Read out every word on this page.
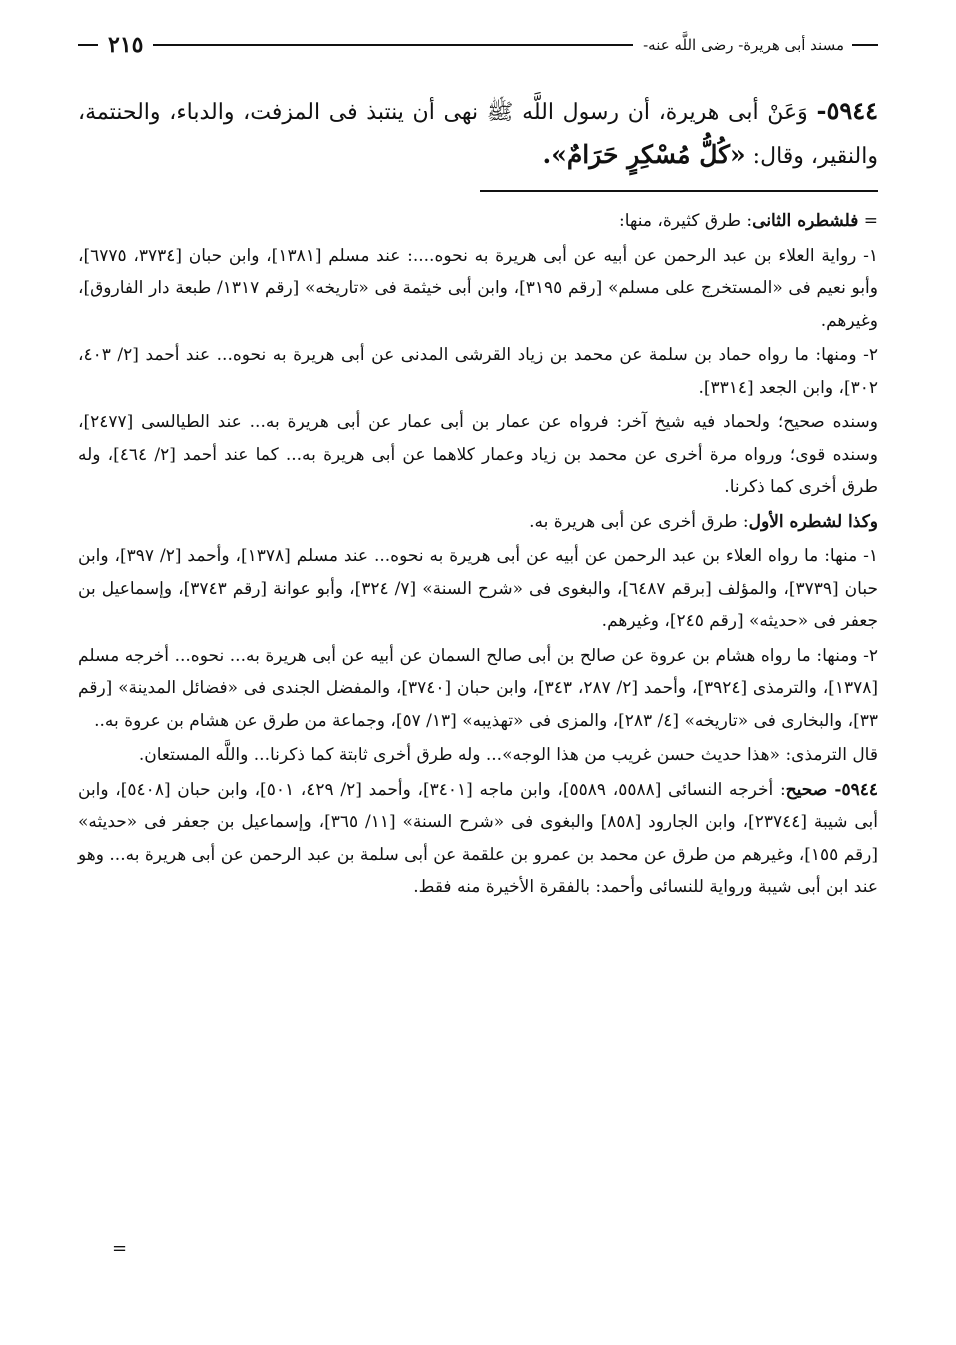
مسند أبى هريرة- رضى اللَّه عنه-
٢١٥
٥٩٤٤- وَعَنْ أبى هريرة، أن رسول اللَّه ﷺ نهى أن ينتبذ فى المزفت، والدباء، والحنتمة، والنقير، وقال: «كُلُّ مُسْكِرٍ حَرَامٌ».

= فلشطره الثانى: طرق كثيرة، منها:

١- رواية العلاء بن عبد الرحمن عن أبيه عن أبى هريرة به نحوه....: عند مسلم [١٣٨١]، وابن حبان [٣٧٣٤، ٦٧٧٥]، وأبو نعيم فى «المستخرج على مسلم» [رقم ٣١٩٥]، وابن أبى خيثمة فى «تاريخه» [رقم ١٣١٧/ طبعة دار الفاروق]، وغيرهم.

٢- ومنها: ما رواه حماد بن سلمة عن محمد بن زياد القرشى المدنى عن أبى هريرة به نحوه... عند أحمد [٢/ ٤٠٣، ٣٠٢]، وابن الجعد [٣٣١٤].

وسنده صحيح؛ ولحماد فيه شيخ آخر: فرواه عن عمار بن أبى عمار عن أبى هريرة به... عند الطيالسى [٢٤٧٧]، وسنده قوى؛ ورواه مرة أخرى عن محمد بن زياد وعمار كلاهما عن أبى هريرة به... كما عند أحمد [٢/ ٤٦٤]، وله طرق أخرى كما ذكرنا.

وكذا لشطره الأول: طرق أخرى عن أبى هريرة به.

١- منها: ما رواه العلاء بن عبد الرحمن عن أبيه عن أبى هريرة به نحوه... عند مسلم [١٣٧٨]، وأحمد [٢/ ٣٩٧]، وابن حبان [٣٧٣٩]، والمؤلف [برقم ٦٤٨٧]، والبغوى فى «شرح السنة» [٧/ ٣٢٤]، وأبو عوانة [رقم ٣٧٤٣]، وإسماعيل بن جعفر فى «حديثه» [رقم ٢٤٥]، وغيرهم.

٢- ومنها: ما رواه هشام بن عروة عن صالح بن أبى صالح السمان عن أبيه عن أبى هريرة به... نحوه... أخرجه مسلم [١٣٧٨]، والترمذى [٣٩٢٤]، وأحمد [٢/ ٢٨٧، ٣٤٣]، وابن حبان [٣٧٤٠]، والمفضل الجندى فى «فضائل المدينة» [رقم ٣٣]، والبخارى فى «تاريخه» [٤/ ٢٨٣]، والمزى فى «تهذيبه» [١٣/ ٥٧]، وجماعة من طرق عن هشام بن عروة به..

قال الترمذى: «هذا حديث حسن غريب من هذا الوجه»... وله طرق أخرى ثابتة كما ذكرنا... واللَّه المستعان.

٥٩٤٤- صحيح: أخرجه النسائى [٥٥٨٨، ٥٥٨٩]، وابن ماجه [٣٤٠١]، وأحمد [٢/ ٤٢٩، ٥٠١]، وابن حبان [٥٤٠٨]، وابن أبى شيبة [٢٣٧٤٤]، وابن الجارود [٨٥٨] والبغوى فى «شرح السنة» [١١/ ٣٦٥]، وإسماعيل بن جعفر فى «حديثه» [رقم ١٥٥]، وغيرهم من طرق عن محمد بن عمرو بن علقمة عن أبى سلمة بن عبد الرحمن عن أبى هريرة به... وهو عند ابن أبى شيبة ورواية للنسائى وأحمد: بالفقرة الأخيرة منه فقط.

=
